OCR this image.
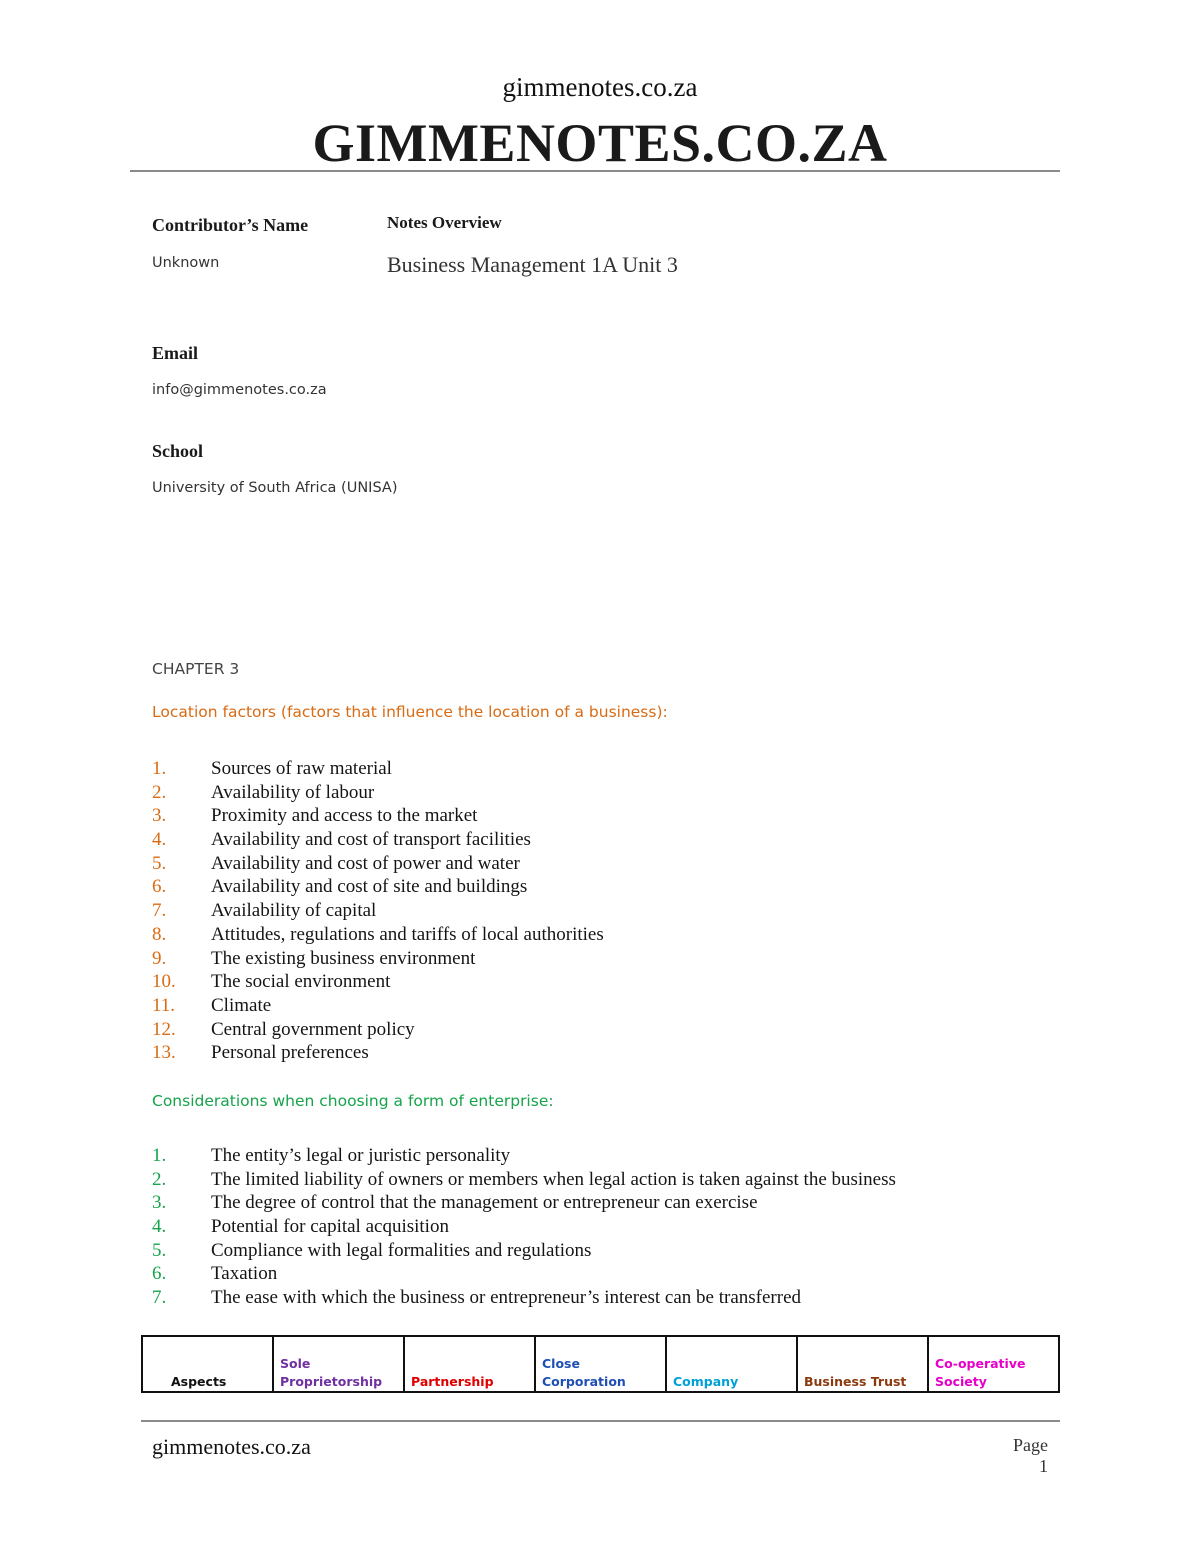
gimmenotes.co.za
GIMMENOTES.CO.ZA
Contributor’s Name
Unknown
Notes Overview
Business Management 1A Unit 3
Email
info@gimmenotes.co.za
School
University of South Africa (UNISA)
CHAPTER 3
Location factors (factors that influence the location of a business):
1.	Sources of raw material
2.	Availability of labour
3.	Proximity and access to the market
4.	Availability and cost of transport facilities
5.	Availability and cost of power and water
6.	Availability and cost of site and buildings
7.	Availability of capital
8.	Attitudes, regulations and tariffs of local authorities
9.	The existing business environment
10.	The social environment
11.	Climate
12.	Central government policy
13.	Personal preferences
Considerations when choosing a form of enterprise:
1.	The entity’s legal or juristic personality
2.	The limited liability of owners or members when legal action is taken against the business
3.	The degree of control that the management or entrepreneur can exercise
4.	Potential for capital acquisition
5.	Compliance with legal formalities and regulations
6.	Taxation
7.	The ease with which the business or entrepreneur’s interest can be transferred
Aspects	Sole Proprietorship	Partnership	Close Corporation	Company	Business Trust	Co-operative Society
gimmenotes.co.za	Page 1
